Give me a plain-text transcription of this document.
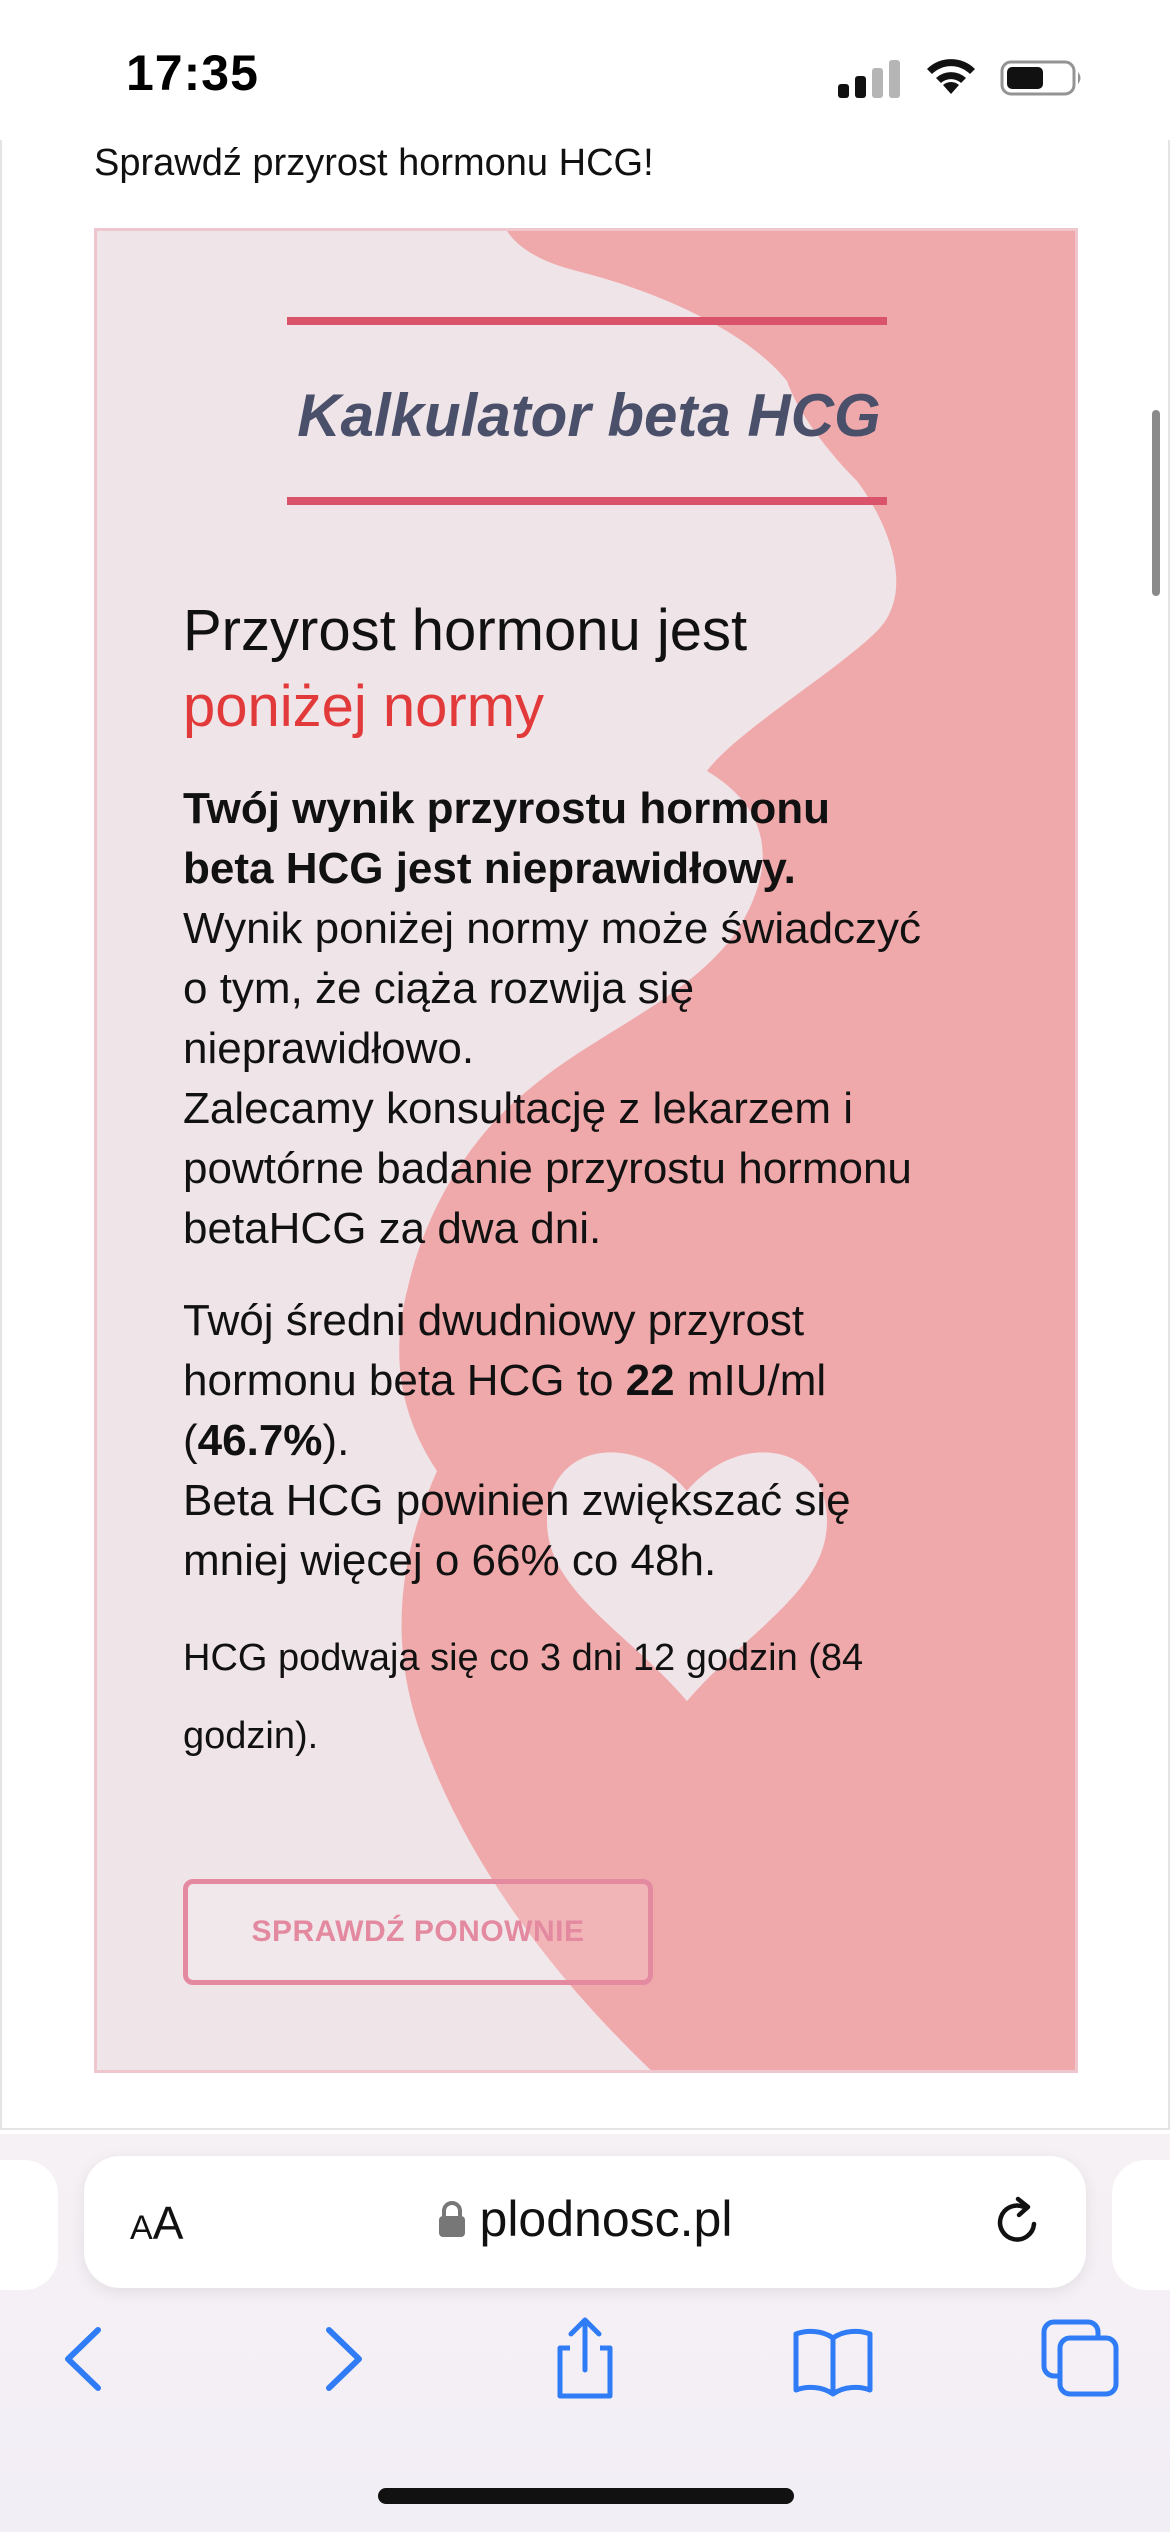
17:35
Sprawdź przyrost hormonu HCG!
Kalkulator beta HCG
Przyrost hormonu jest
poniżej normy
Twój wynik przyrostu hormonu
beta HCG jest nieprawidłowy.
Wynik poniżej normy może świadczyć
o tym, że ciąża rozwija się
nieprawidłowo.
Zalecamy konsultację z lekarzem i
powtórne badanie przyrostu hormonu
betaHCG za dwa dni.
Twój średni dwudniowy przyrost
hormonu beta HCG to 22 mIU/ml
(46.7%).
Beta HCG powinien zwiększać się
mniej więcej o 66% co 48h.
HCG podwaja się co 3 dni 12 godzin (84
godzin).
SPRAWDŹ PONOWNIE
AA	plodnosc.pl
